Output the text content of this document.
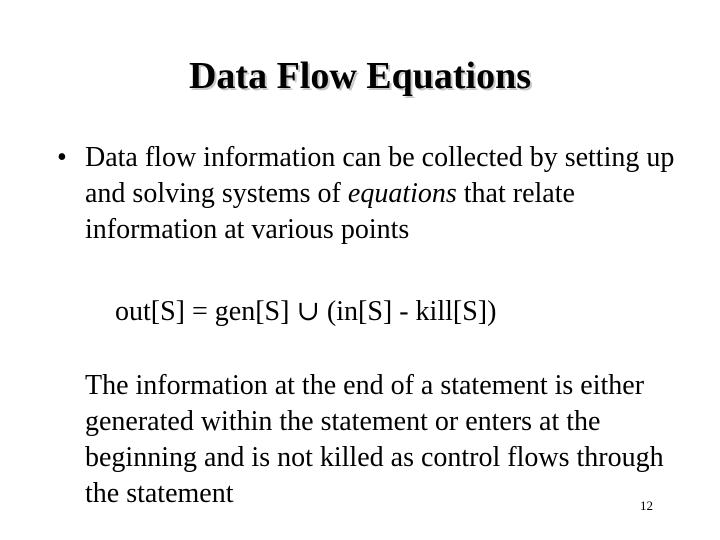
Data Flow Equations
• Data flow information can be collected by setting up and solving systems of equations that relate information at various points
out[S] = gen[S] ∪ (in[S] - kill[S])
The information at the end of a statement is either generated within the statement or enters at the beginning and is not killed as control flows through the statement	12
